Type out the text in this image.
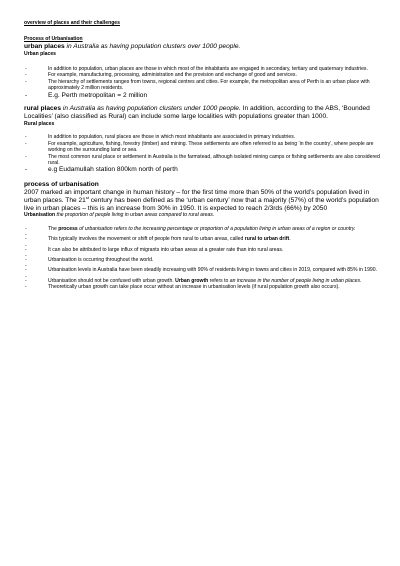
overview of places and their challenges

Process of Urbanisation

urban places in Australia as having population clusters over 1000 people.

Urban places

- In addition to population, urban places are those in which most of the inhabitants are engaged in secondary, tertiary and quaternary industries.
- For example, manufacturing, processing, administration and the provision and exchange of good and services.
- The hierarchy of settlements ranges from towns, regional centres and cities. For example, the metropolitan area of Perth is an urban place with approximately 2 million residents.
- E.g. Perth metropolitan = 2 million

rural places in Australia as having population clusters under 1000 people. In addition, according to the ABS, ‘Bounded Localities’ (also classified as Rural) can include some large localities with populations greater than 1000.

Rural places

- In addition to population, rural places are those in which most inhabitants are associated in primary industries.
- For example, agriculture, fishing, forestry (timber) and mining. These settlements are often referred to as being ‘in the country’, where people are working on the surrounding land or sea.
- The most common rural place or settlement in Australia is the farmstead, although isolated mining camps or fishing settlements are also considered rural.
- e.g Eudamullah station 800km north of perth

process of urbanisation

2007 marked an important change in human history – for the first time more than 50% of the world’s population lived in urban places. The 21st century has been defined as the ‘urban century’ now that a majority (57%) of the world’s population live in urban places – this is an increase from 30% in 1950. It is expected to reach 2/3rds (66%) by 2050

Urbanisation the proportion of people living in urban areas compared to rural areas.

- The process of urbanisation refers to the increasing percentage or proportion of a population living in urban areas of a region or country.
-
- This typically involves the movement or shift of people from rural to urban areas, called rural to urban drift.
-
- It can also be attributed to large influx of migrants into urban areas at a greater rate than into rural areas.
-
- Urbanisation is occurring throughout the world.
-
- Urbanisation levels in Australia have been steadily increasing with 90% of residents living in towns and cities in 2019, compared with 85% in 1990.
-
- Urbanisation should not be confused with urban growth. Urban growth refers to an increase in the number of people living in urban places.
- Theoretically urban growth can take place occur without an increase in urbanisation levels (if rural population growth also occurs).
